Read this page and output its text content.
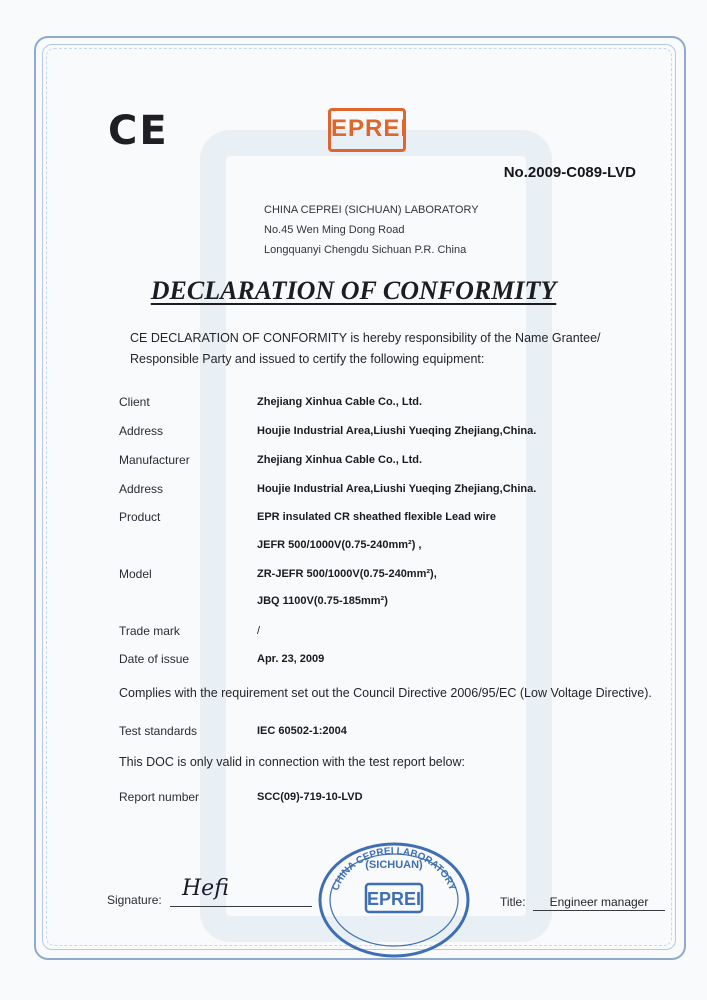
CE	EPREI
No.2009-C089-LVD
CHINA CEPREI (SICHUAN) LABORATORY
No.45 Wen Ming Dong Road
Longquanyi Chengdu Sichuan P.R. China
DECLARATION OF CONFORMITY
CE DECLARATION OF CONFORMITY is hereby responsibility of the Name Grantee/
Responsible Party and issued to certify the following equipment:
Client	Zhejiang Xinhua Cable Co., Ltd.
Address	Houjie Industrial Area,Liushi Yueqing Zhejiang,China.
Manufacturer	Zhejiang Xinhua Cable Co., Ltd.
Address	Houjie Industrial Area,Liushi Yueqing Zhejiang,China.
Product	EPR insulated CR sheathed flexible Lead wire
JEFR 500/1000V(0.75-240mm²) ,
Model	ZR-JEFR 500/1000V(0.75-240mm²),
JBQ 1100V(0.75-185mm²)
Trade mark	/
Date of issue	Apr. 23, 2009
Complies with the requirement set out the Council Directive 2006/95/EC (Low Voltage Directive).
Test standards	IEC 60502-1:2004
This DOC is only valid in connection with the test report below:
Report number	SCC(09)-719-10-LVD
Signature: Hefi	CHINA CEPREI LABORATORY
(SICHUAN)
EPREI	Title:	Engineer manager
